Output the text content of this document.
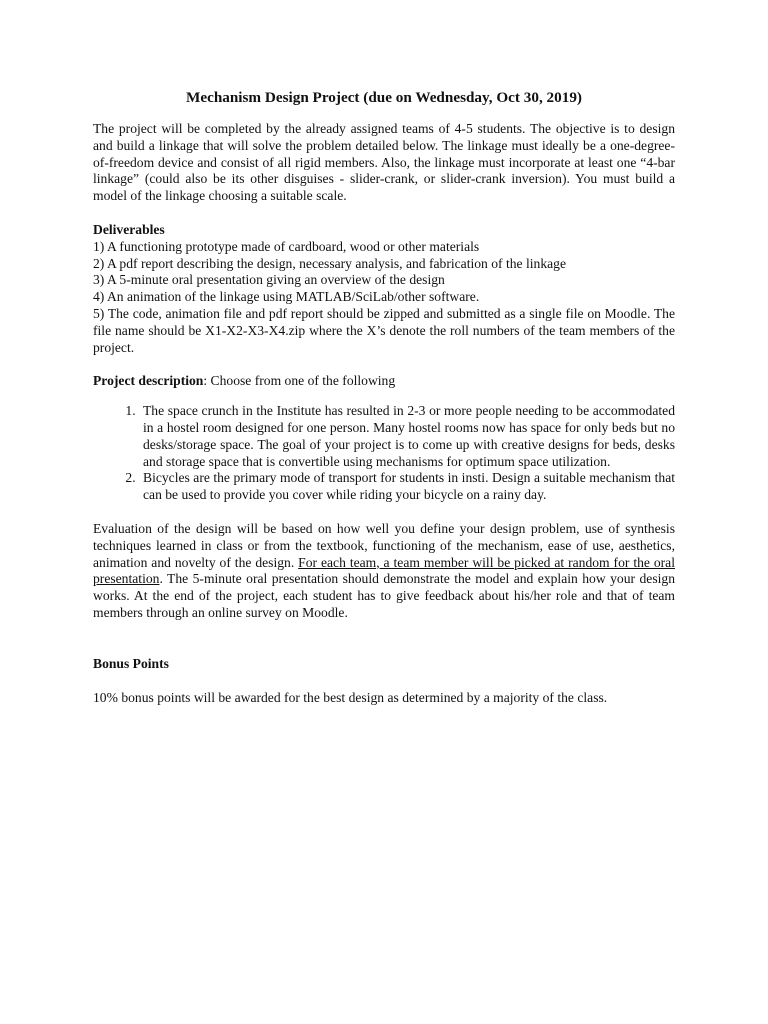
Mechanism Design Project (due on Wednesday, Oct 30, 2019)

The project will be completed by the already assigned teams of 4-5 students. The objective is to design and build a linkage that will solve the problem detailed below. The linkage must ideally be a one-degree-of-freedom device and consist of all rigid members. Also, the linkage must incorporate at least one “4-bar linkage” (could also be its other disguises - slider-crank, or slider-crank inversion). You must build a model of the linkage choosing a suitable scale.

Deliverables

1) A functioning prototype made of cardboard, wood or other materials

2) A pdf report describing the design, necessary analysis, and fabrication of the linkage

3) A 5-minute oral presentation giving an overview of the design

4) An animation of the linkage using MATLAB/SciLab/other software.

5) The code, animation file and pdf report should be zipped and submitted as a single file on Moodle. The file name should be X1-X2-X3-X4.zip where the X’s denote the roll numbers of the team members of the project.

Project description: Choose from one of the following

1. The space crunch in the Institute has resulted in 2-3 or more people needing to be accommodated in a hostel room designed for one person. Many hostel rooms now has space for only beds but no desks/storage space. The goal of your project is to come up with creative designs for beds, desks and storage space that is convertible using mechanisms for optimum space utilization.
2. Bicycles are the primary mode of transport for students in insti. Design a suitable mechanism that can be used to provide you cover while riding your bicycle on a rainy day.

Evaluation of the design will be based on how well you define your design problem, use of synthesis techniques learned in class or from the textbook, functioning of the mechanism, ease of use, aesthetics, animation and novelty of the design. For each team, a team member will be picked at random for the oral presentation. The 5-minute oral presentation should demonstrate the model and explain how your design works. At the end of the project, each student has to give feedback about his/her role and that of team members through an online survey on Moodle.

Bonus Points

10% bonus points will be awarded for the best design as determined by a majority of the class.
